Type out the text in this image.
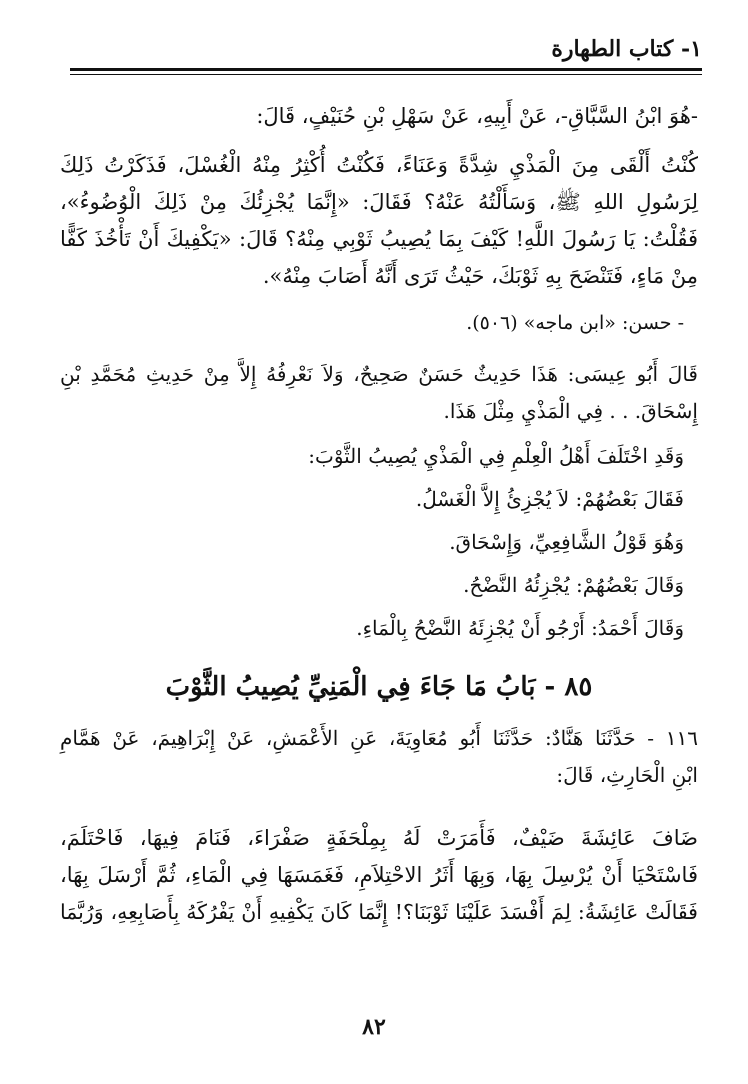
١- كتاب الطهارة
-هُوَ ابْنُ السَّبَّاقِ-، عَنْ أَبِيهِ، عَنْ سَهْلِ بْنِ حُنَيْفٍ، قَالَ:
كُنْتُ أَلْقَى مِنَ الْمَذْيِ شِدَّةً وَعَنَاءً، فَكُنْتُ أُكْثِرُ مِنْهُ الْغُسْلَ، فَذَكَرْتُ ذَلِكَ
لِرَسُولِ اللهِ ﷺ، وَسَأَلْتُهُ عَنْهُ؟ فَقَالَ: «إِنَّمَا يُجْزِئُكَ مِنْ ذَلِكَ الْوُضُوءُ»،
فَقُلْتُ: يَا رَسُولَ اللَّهِ! كَيْفَ بِمَا يُصِيبُ ثَوْبِي مِنْهُ؟ قَالَ: «يَكْفِيكَ أَنْ تَأْخُذَ كَفًّا
مِنْ مَاءٍ، فَتَنْضَحَ بِهِ ثَوْبَكَ، حَيْثُ تَرَى أَنَّهُ أَصَابَ مِنْهُ».
- حسن: «ابن ماجه» (٥٠٦).
قَالَ أَبُو عِيسَى: هَذَا حَدِيثٌ حَسَنٌ صَحِيحٌ، وَلاَ نَعْرِفُهُ إِلاَّ مِنْ حَدِيثِ مُحَمَّدِ بْنِ
إِسْحَاقَ. . . فِي الْمَذْيِ مِثْلَ هَذَا.
وَقَدِ اخْتَلَفَ أَهْلُ الْعِلْمِ فِي الْمَذْيِ يُصِيبُ الثَّوْبَ:
فَقَالَ بَعْضُهُمْ: لاَ يُجْزِئُ إِلاَّ الْغَسْلُ.
وَهُوَ قَوْلُ الشَّافِعِيِّ، وَإِسْحَاقَ.
وَقَالَ بَعْضُهُمْ: يُجْزِئُهُ النَّضْحُ.
وَقَالَ أَحْمَدُ: أَرْجُو أَنْ يُجْزِئَهُ النَّضْحُ بِالْمَاءِ.
٨٥ - بَابُ مَا جَاءَ فِي الْمَنِيِّ يُصِيبُ الثَّوْبَ
١١٦ - حَدَّثَنَا هَنَّادٌ: حَدَّثَنَا أَبُو مُعَاوِيَةَ، عَنِ الأَعْمَشِ، عَنْ إِبْرَاهِيمَ، عَنْ هَمَّامِ
ابْنِ الْحَارِثِ، قَالَ:
ضَافَ عَائِشَةَ ضَيْفٌ، فَأَمَرَتْ لَهُ بِمِلْحَفَةٍ صَفْرَاءَ، فَنَامَ فِيهَا، فَاحْتَلَمَ،
فَاسْتَحْيَا أَنْ يُرْسِلَ بِهَا، وَبِهَا أَثَرُ الاحْتِلاَمِ، فَغَمَسَهَا فِي الْمَاءِ، ثُمَّ أَرْسَلَ بِهَا،
فَقَالَتْ عَائِشَةُ: لِمَ أَفْسَدَ عَلَيْنَا ثَوْبَنَا؟! إِنَّمَا كَانَ يَكْفِيهِ أَنْ يَفْرُكَهُ بِأَصَابِعِهِ، وَرُبَّمَا
٨٢
